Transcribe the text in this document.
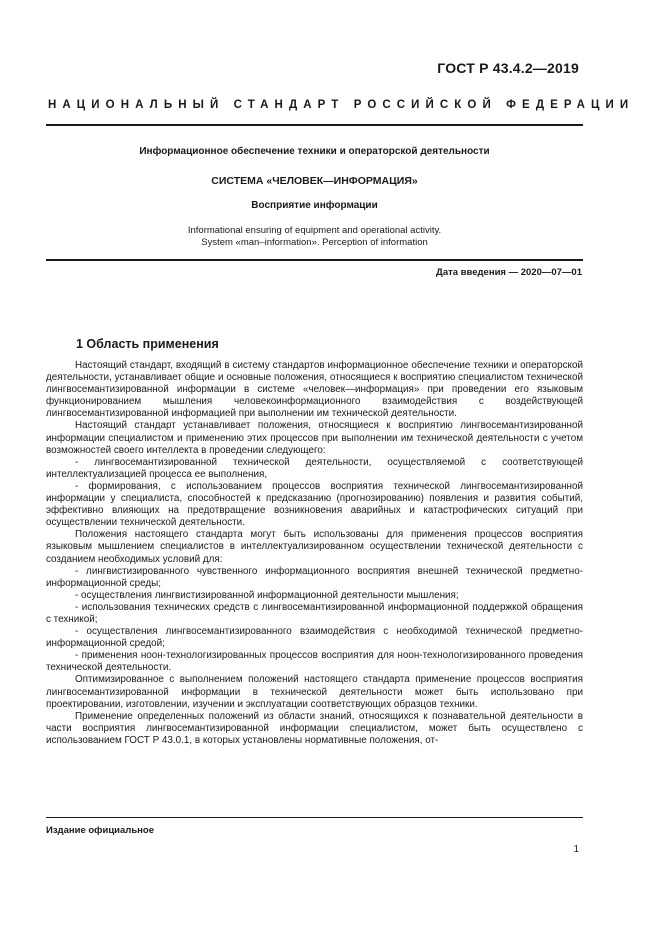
ГОСТ Р 43.4.2—2019
НАЦИОНАЛЬНЫЙ СТАНДАРТ РОССИЙСКОЙ ФЕДЕРАЦИИ
Информационное обеспечение техники и операторской деятельности
СИСТЕМА «ЧЕЛОВЕК—ИНФОРМАЦИЯ»
Восприятие информации
Informational ensuring of equipment and operational activity.
System «man–information». Perception of information
Дата введения — 2020—07—01
1 Область применения

Настоящий стандарт, входящий в систему стандартов информационное обеспечение техники и операторской деятельности, устанавливает общие и основные положения, относящиеся к восприятию специалистом технической лингвосемантизированной информации в системе «человек—информация» при проведении его языковым функционированием мышления человекоинформационного взаимодействия с воздействующей лингвосемантизированной информацией при выполнении им технической деятельности.

Настоящий стандарт устанавливает положения, относящиеся к восприятию лингвосемантизированной информации специалистом и применению этих процессов при выполнении им технической деятельности с учетом возможностей своего интеллекта в проведении следующего:

- лингвосемантизированной технической деятельности, осуществляемой с соответствующей интеллектуализацией процесса ее выполнения,

- формирования, с использованием процессов восприятия технической лингвосемантизированной информации у специалиста, способностей к предсказанию (прогнозированию) появления и развития событий, эффективно влияющих на предотвращение возникновения аварийных и катастрофических ситуаций при осуществлении технической деятельности.

Положения настоящего стандарта могут быть использованы для применения процессов восприятия языковым мышлением специалистов в интеллектуализированном осуществлении технической деятельности с созданием необходимых условий для:

- лингвистизированного чувственного информационного восприятия внешней технической предметно-информационной среды;

- осуществления лингвистизированной информационной деятельности мышления;

- использования технических средств с лингвосемантизированной информационной поддержкой обращения с техникой;

- осуществления лингвосемантизированного взаимодействия с необходимой технической предметно-информационной средой;

- применения ноон-технологизированных процессов восприятия для ноон-технологизированного проведения технической деятельности.

Оптимизированное с выполнением положений настоящего стандарта применение процессов восприятия лингвосемантизированной информации в технической деятельности может быть использовано при проектировании, изготовлении, изучении и эксплуатации соответствующих образцов техники.

Применение определенных положений из области знаний, относящихся к познавательной деятельности в части восприятия лингвосемантизированной информации специалистом, может быть осуществлено с использованием ГОСТ Р 43.0.1, в которых установлены нормативные положения, от-

Издание официальное
1
